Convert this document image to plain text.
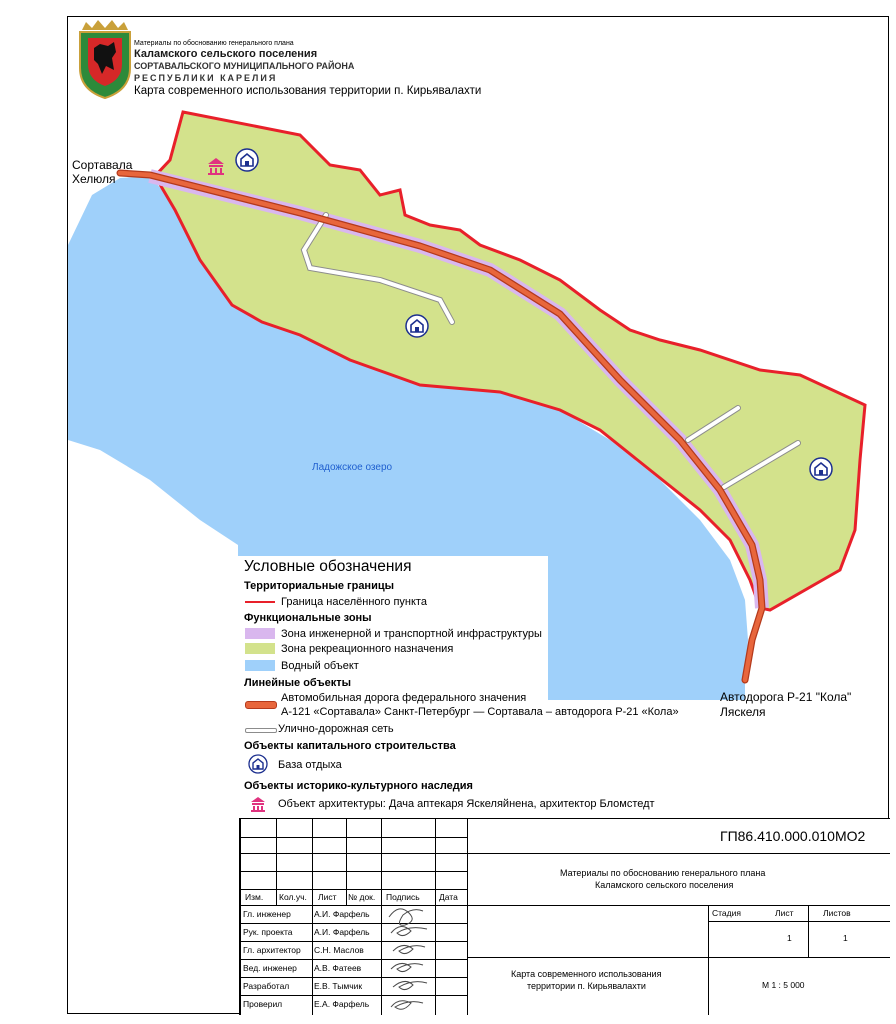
Материалы по обоснованию генерального плана
Каламского сельского поселения
СОРТАВАЛЬСКОГО МУНИЦИПАЛЬНОГО РАЙОНА
РЕСПУБЛИКИ КАРЕЛИЯ
Карта современного использования территории п. Кирьявалахти
Сортавала
Хелюля
Автодорога Р-21 "Кола"
Ляскеля
Ладожское озеро
Условные обозначения
Территориальные границы
Граница населённого пункта
Функциональные зоны
Зона инженерной и транспортной инфраструктуры
Зона рекреационного назначения
Водный объект
Линейные объекты
Автомобильная дорога федерального значения
А-121 «Сортавала» Санкт-Петербург — Сортавала – автодорога Р-21 «Кола»
Улично-дорожная сеть
Объекты капитального строительства
База отдыха
Объекты историко-культурного наследия
Объект архитектуры: Дача аптекаря Яскеляйнена, архитектор Бломстедт
Изм. Кол.уч. Лист № док. Подпись Дата
Гл. инженер	А.И. Фарфель
Рук. проекта	А.И. Фарфель
Гл. архитектор С.Н. Маслов
Вед. инженер А.В. Фатеев
Разработал	Е.В. Тымчик
Проверил	Е.А. Фарфель
ГП86.410.000.010МО2
Материалы по обоснованию генерального плана
Каламского сельского поселения
Стадия	Лист	Листов
1	1
Карта современного использования
территории п. Кирьявалахти	М 1 : 5 000
